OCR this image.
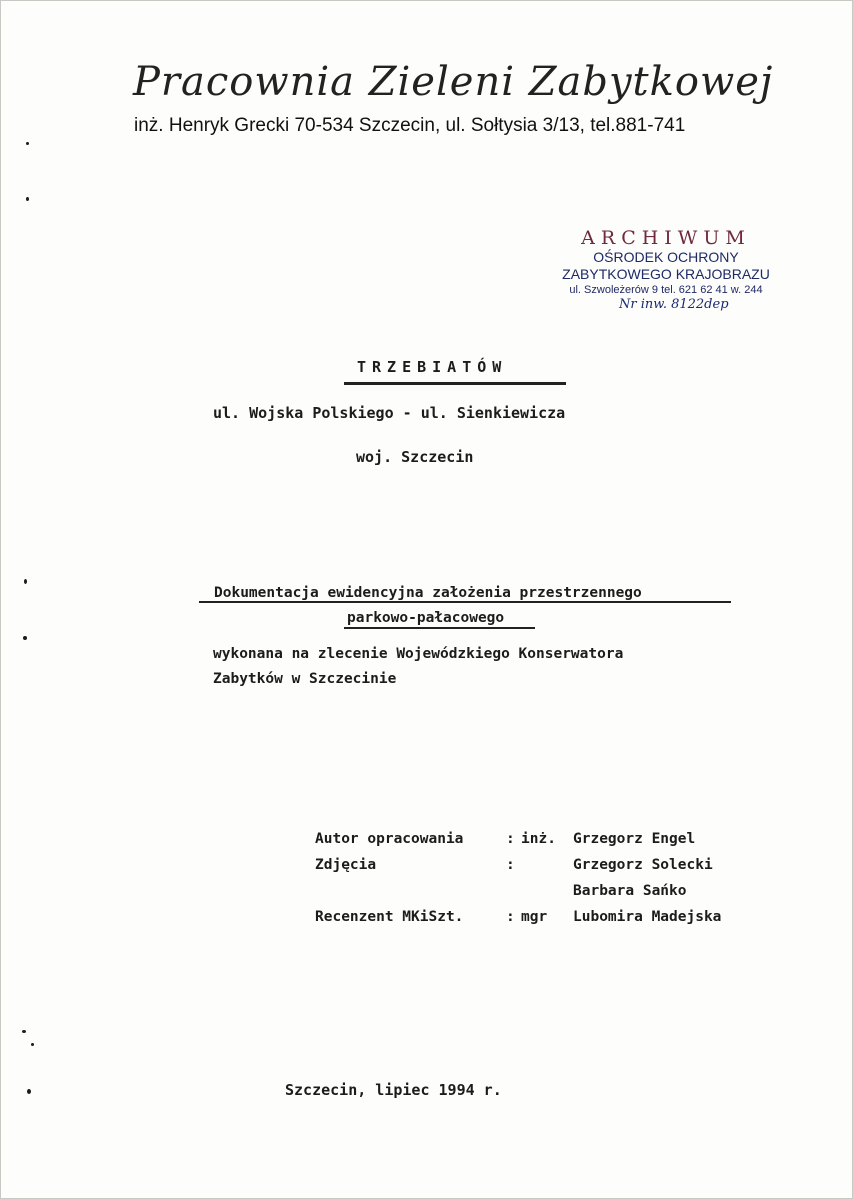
Pracownia Zieleni Zabytkowej
inż. Henryk Grecki 70-534 Szczecin, ul. Sołtysia 3/13, tel.881-741
ARCHIWUM
OŚRODEK OCHRONY
ZABYTKOWEGO KRAJOBRAZU
ul. Szwoleżerów 9 tel. 621 62 41 w. 244
Nr inw. 8122dep
TRZEBIATÓW
ul. Wojska Polskiego - ul. Sienkiewicza
woj. Szczecin
Dokumentacja ewidencyjna założenia przestrzennego
parkowo-pałacowego
wykonana na zlecenie Wojewódzkiego Konserwatora
Zabytków w Szczecinie
Autor opracowania	: inż. Grzegorz Engel
Zdjęcia	:	Grzegorz Solecki
Barbara Sańko
Recenzent MKiSzt.	: mgr Lubomira Madejska
Szczecin, lipiec 1994 r.
